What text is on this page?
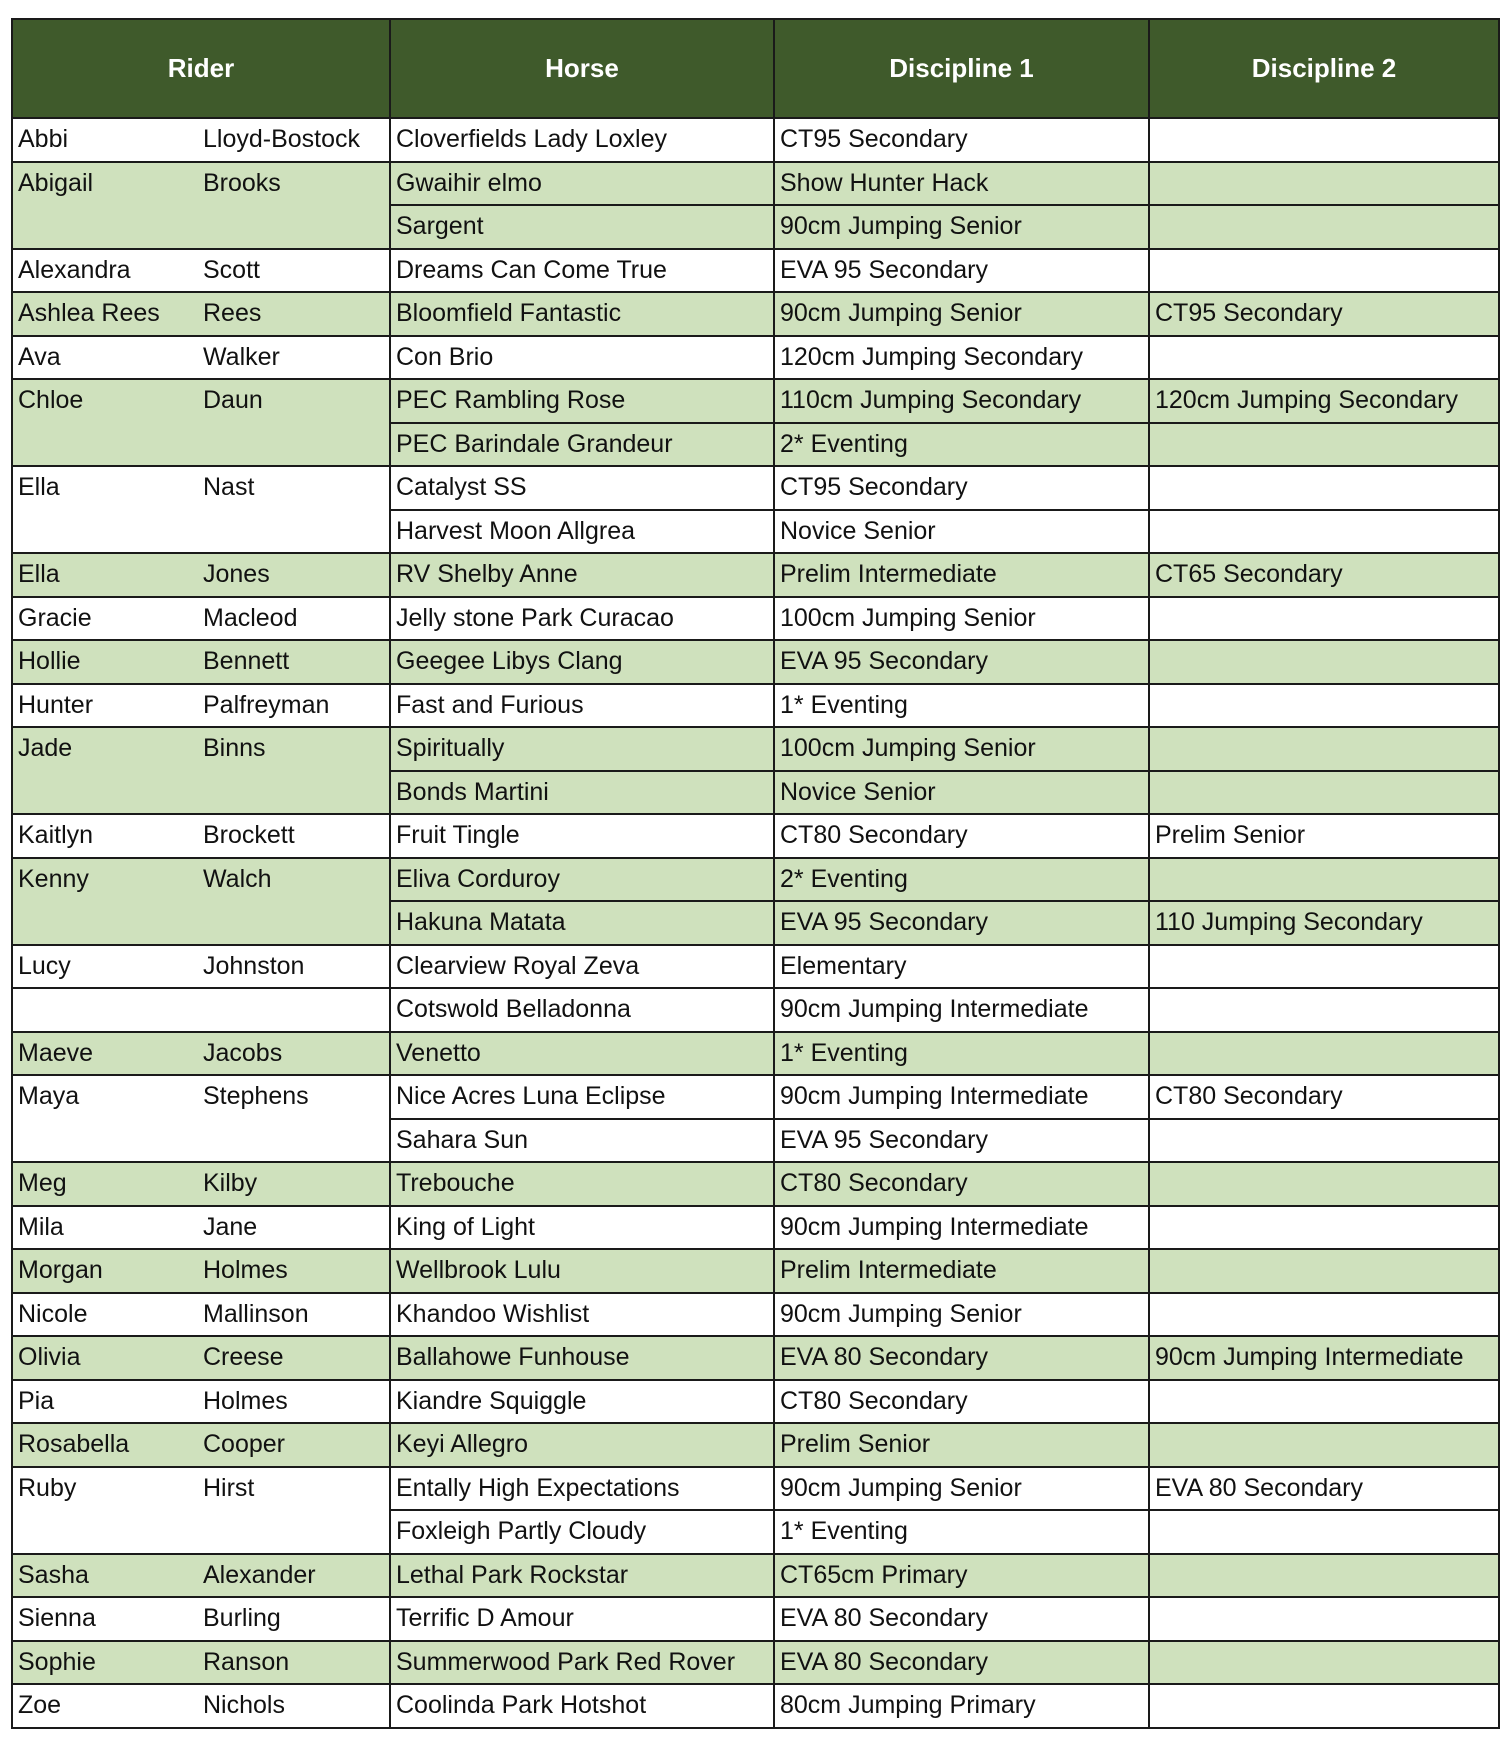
Rider		Horse	Discipline 1	Discipline 2
Abbi	Lloyd-Bostock	Cloverfields Lady Loxley	CT95 Secondary	
Abigail	Brooks	Gwaihir elmo	Show Hunter Hack	
		Sargent	90cm Jumping Senior	
Alexandra	Scott	Dreams Can Come True	EVA 95 Secondary	
Ashlea Rees	Rees	Bloomfield Fantastic	90cm Jumping Senior	CT95 Secondary
Ava	Walker	Con Brio	120cm Jumping Secondary	
Chloe	Daun	PEC Rambling Rose	110cm Jumping Secondary	120cm Jumping Secondary
		PEC Barindale Grandeur	2* Eventing	
Ella	Nast	Catalyst SS	CT95 Secondary	
		Harvest Moon Allgrea	Novice Senior	
Ella	Jones	RV Shelby Anne	Prelim Intermediate	CT65 Secondary
Gracie	Macleod	Jelly stone Park Curacao	100cm Jumping Senior	
Hollie	Bennett	Geegee Libys Clang	EVA 95 Secondary	
Hunter	Palfreyman	Fast and Furious	1* Eventing	
Jade	Binns	Spiritually	100cm Jumping Senior	
		Bonds Martini	Novice Senior	
Kaitlyn	Brockett	Fruit Tingle	CT80 Secondary	Prelim Senior
Kenny	Walch	Eliva Corduroy	2* Eventing	
		Hakuna Matata	EVA 95 Secondary	110 Jumping Secondary
Lucy	Johnston	Clearview Royal Zeva	Elementary	
		Cotswold Belladonna	90cm Jumping Intermediate	
Maeve	Jacobs	Venetto	1* Eventing	
Maya	Stephens	Nice Acres Luna Eclipse	90cm Jumping Intermediate	CT80 Secondary
		Sahara Sun	EVA 95 Secondary	
Meg	Kilby	Trebouche	CT80 Secondary	
Mila	Jane	King of Light	90cm Jumping Intermediate	
Morgan	Holmes	Wellbrook Lulu	Prelim Intermediate	
Nicole	Mallinson	Khandoo Wishlist	90cm Jumping Senior	
Olivia	Creese	Ballahowe Funhouse	EVA 80 Secondary	90cm Jumping Intermediate
Pia	Holmes	Kiandre Squiggle	CT80 Secondary	
Rosabella	Cooper	Keyi Allegro	Prelim Senior	
Ruby	Hirst	Entally High Expectations	90cm Jumping Senior	EVA 80 Secondary
		Foxleigh Partly Cloudy	1* Eventing	
Sasha	Alexander	Lethal Park Rockstar	CT65cm Primary	
Sienna	Burling	Terrific D Amour	EVA 80 Secondary	
Sophie	Ranson	Summerwood Park Red Rover	EVA 80 Secondary	
Zoe	Nichols	Coolinda Park Hotshot	80cm Jumping Primary	
